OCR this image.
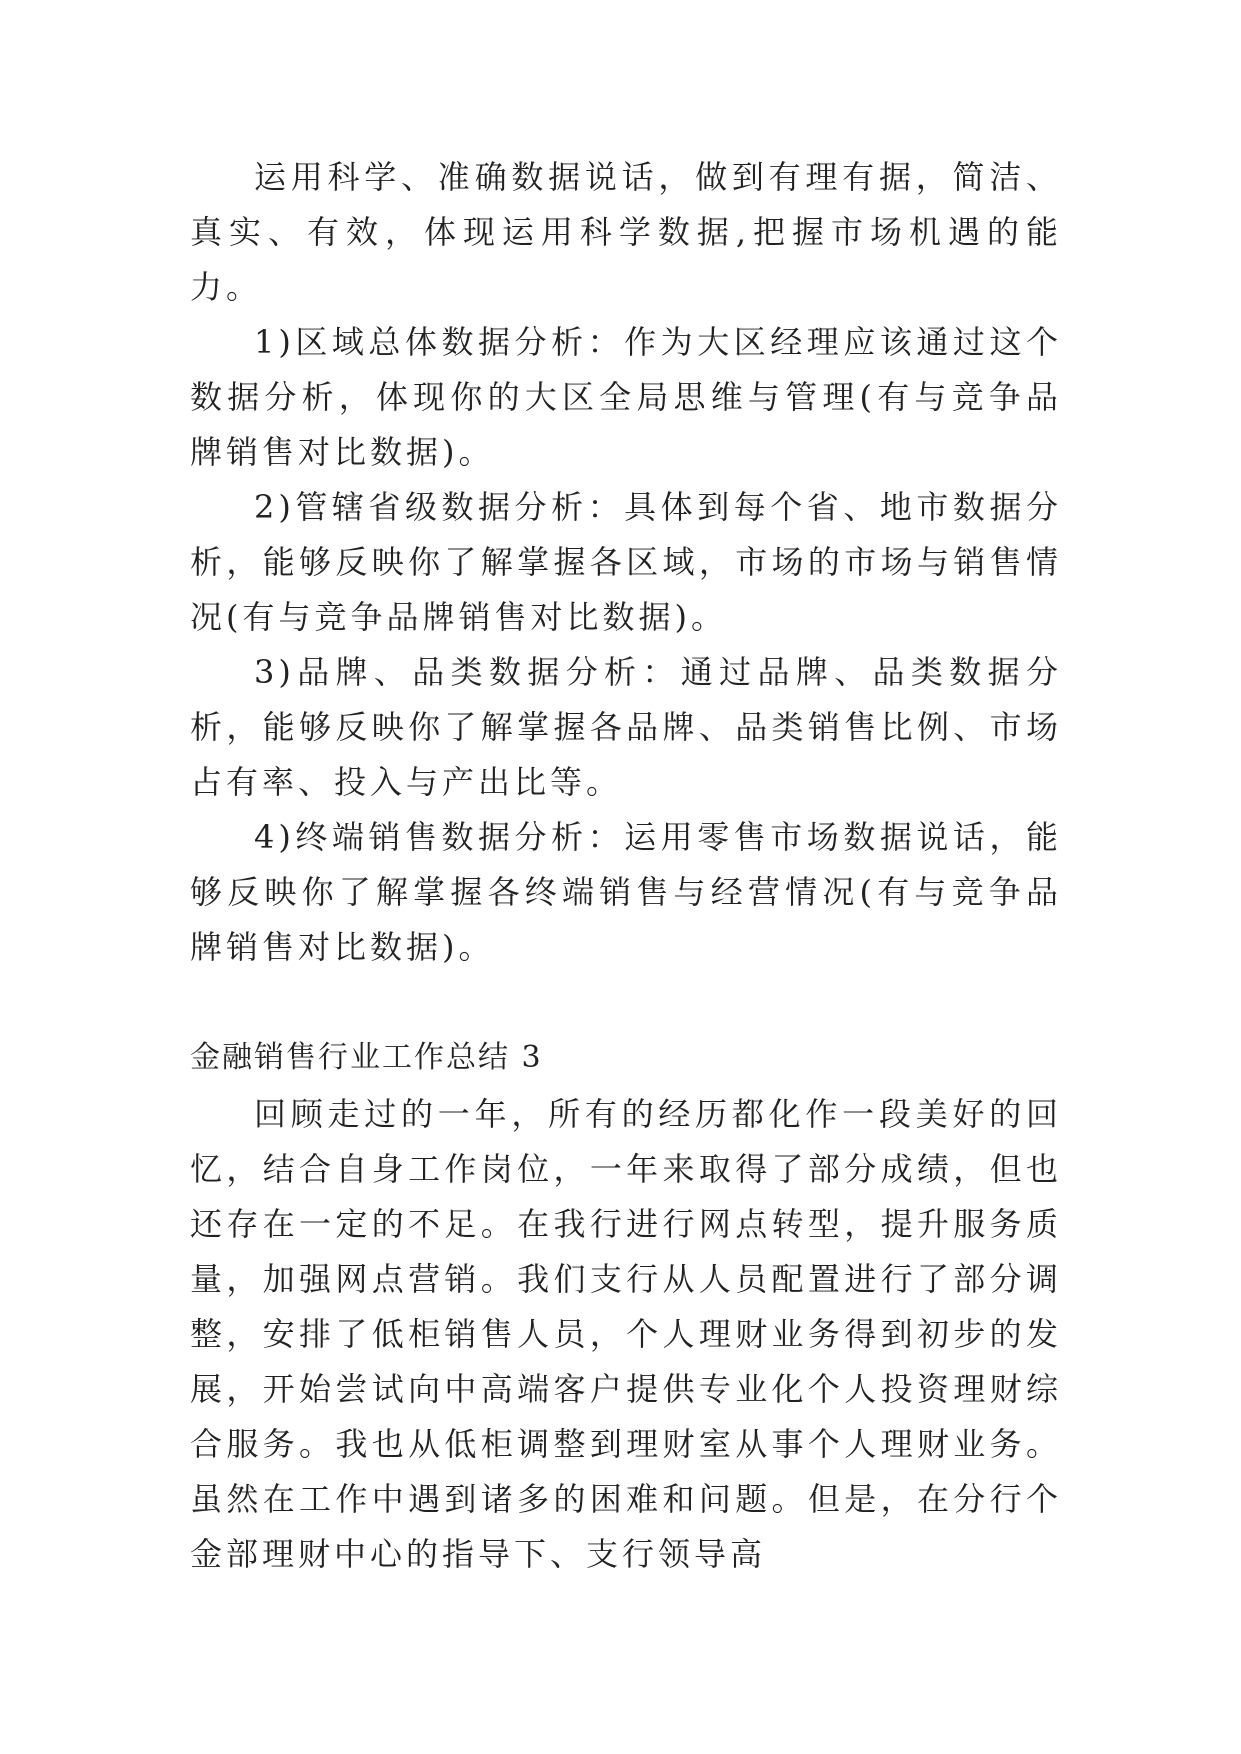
运用科学、准确数据说话，做到有理有据，简洁、真实、有效，体现运用科学数据,把握市场机遇的能力。

1)区域总体数据分析：作为大区经理应该通过这个数据分析，体现你的大区全局思维与管理(有与竞争品牌销售对比数据)。

2)管辖省级数据分析：具体到每个省、地市数据分析，能够反映你了解掌握各区域，市场的市场与销售情况(有与竞争品牌销售对比数据)。

3)品牌、品类数据分析：通过品牌、品类数据分析，能够反映你了解掌握各品牌、品类销售比例、市场占有率、投入与产出比等。

4)终端销售数据分析：运用零售市场数据说话，能够反映你了解掌握各终端销售与经营情况(有与竞争品牌销售对比数据)。

金融销售行业工作总结 3

回顾走过的一年，所有的经历都化作一段美好的回忆，结合自身工作岗位，一年来取得了部分成绩，但也还存在一定的不足。在我行进行网点转型，提升服务质量，加强网点营销。我们支行从人员配置进行了部分调整，安排了低柜销售人员，个人理财业务得到初步的发展，开始尝试向中高端客户提供专业化个人投资理财综合服务。我也从低柜调整到理财室从事个人理财业务。虽然在工作中遇到诸多的困难和问题。但是，在分行个金部理财中心的指导下、支行领导高
